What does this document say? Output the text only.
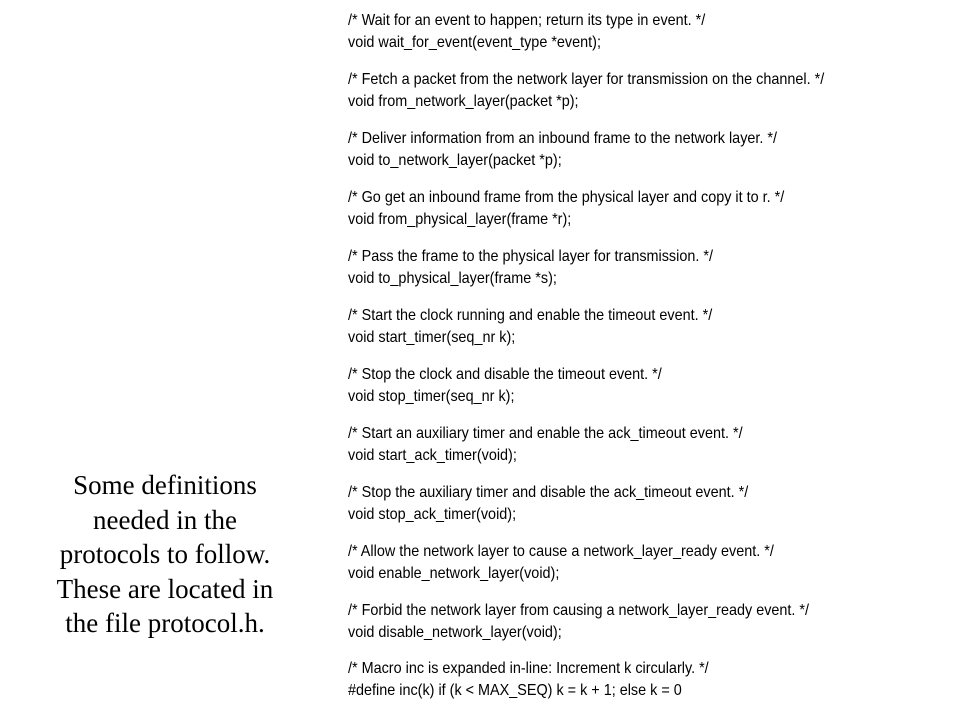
Some definitions
needed in the
protocols to follow.
These are located in
the file protocol.h.
/* Wait for an event to happen; return its type in event. */
void wait_for_event(event_type *event);
/* Fetch a packet from the network layer for transmission on the channel. */
void from_network_layer(packet *p);
/* Deliver information from an inbound frame to the network layer. */
void to_network_layer(packet *p);
/* Go get an inbound frame from the physical layer and copy it to r. */
void from_physical_layer(frame *r);
/* Pass the frame to the physical layer for transmission. */
void to_physical_layer(frame *s);
/* Start the clock running and enable the timeout event. */
void start_timer(seq_nr k);
/* Stop the clock and disable the timeout event. */
void stop_timer(seq_nr k);
/* Start an auxiliary timer and enable the ack_timeout event. */
void start_ack_timer(void);
/* Stop the auxiliary timer and disable the ack_timeout event. */
void stop_ack_timer(void);
/* Allow the network layer to cause a network_layer_ready event. */
void enable_network_layer(void);
/* Forbid the network layer from causing a network_layer_ready event. */
void disable_network_layer(void);
/* Macro inc is expanded in-line: Increment k circularly. */
#define inc(k) if (k < MAX_SEQ) k = k + 1; else k = 0
